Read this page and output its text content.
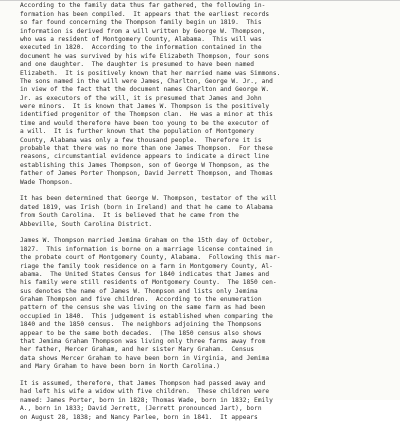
According to the family data thus far gathered, the following in-
formation has been compiled.  It appears that the earliest records
so far found concerning the Thompson family begin un 1819.  This
information is derived from a will written by George W. Thompson,
who was a resident of Montgomery County, Alabama.  This will was
executed in 1820.  According to the information contained in the
document he was survived by his wife Elizabeth Thompson, four sons
and one daughter.  The daughter is presumed to have been named
Elizabeth.  It is positively known that her married name was Simmons.
The sons named in the will were James, Charlton, George W. Jr., and
in view of the fact that the document names Charlton and George W.
Jr. as executors of the will, it is presumed that James and John
were minors.  It is known that James W. Thompson is the positively
identified progenitor of the Thompson clan.  He was a minor at this
time and would therefore have been too young to be the executor of
a will.  It is further known that the population of Montgomery
County, Alabama was only a few thousand people.  Therefore it is
probable that there was no more than one James Thompson.  For these
reasons, circumstantial evidence appears to indicate a direct line
establishing this James Thompson, son of George W Thompson, as the
father of James Porter Thompson, David Jerrett Thompson, and Thomas
Wade Thompson.
It has been determined that George W. Thompson, testator of the will
dated 1819, was Irish (born in Ireland) and that he came to Alabama
from South Carolina.  It is believed that he came from the
Abbeville, South Carolina District.
James W. Thompson married Jemima Graham on the 15th day of October,
1827.  This information is borne on a marriage license contained in
the probate court of Montgomery County, Alabama.  Following this mar-
riage the family took residence on a farm in Montgomery County, Al-
abama.  The United States Census for 1840 indicates that James and
his family were still residents of Montgomery County.  The 1850 cen-
sus denotes the name of James W. Thompson and lists only Jemima
Graham Thompson and five children.  According to the enumeration
pattern of the census she was living on the same farm as had been
occupied in 1840.  This judgement is established when comparing the
1840 and the 1850 census.  The neighbors adjoining the Thompsons
appear to be the same both decades.  (The 1850 census also shows
that Jemima Graham Thompson was living only three farms away from
her father, Mercer Graham, and her sister Mary Graham.  Census
data shows Mercer Graham to have been born in Virginia, and Jemima
and Mary Graham to have been born in North Carolina.)
It is assumed, therefore, that James Thompson had passed away and
had left his wife a widow with five children.  These children were
named: James Porter, born in 1828; Thomas Wade, born in 1832; Emily
A., born in 1833; David Jerrett, (Jerrett pronounced Jart), born
on August 28, 1838; and Nancy Parlee, born in 1841.  It appears
